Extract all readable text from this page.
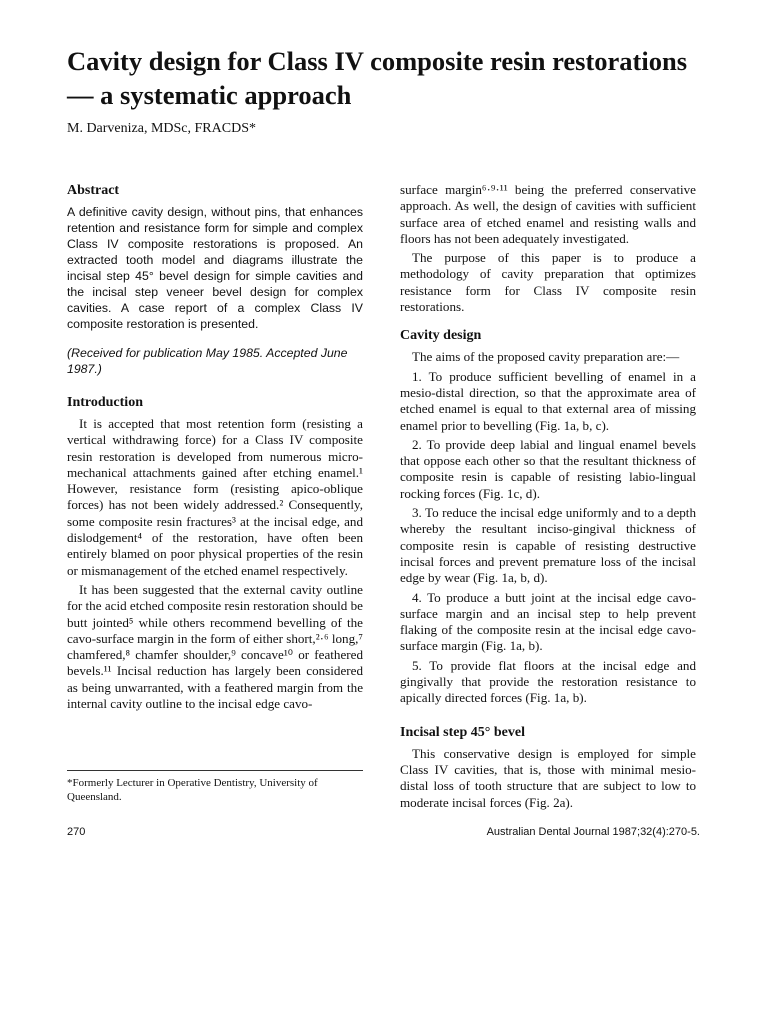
Cavity design for Class IV composite resin restorations — a systematic approach

M. Darveniza, MDSc, FRACDS*

Abstract

A definitive cavity design, without pins, that enhances retention and resistance form for simple and complex Class IV composite restorations is proposed. An extracted tooth model and diagrams illustrate the incisal step 45° bevel design for simple cavities and the incisal step veneer bevel design for complex cavities. A case report of a complex Class IV composite restoration is presented.

(Received for publication May 1985. Accepted June 1987.)

Introduction

It is accepted that most retention form (resisting a vertical withdrawing force) for a Class IV composite resin restoration is developed from numerous micro-mechanical attachments gained after etching enamel.¹ However, resistance form (resisting apico-oblique forces) has not been widely addressed.² Consequently, some composite resin fractures³ at the incisal edge, and dislodgement⁴ of the restoration, have often been entirely blamed on poor physical properties of the resin or mismanagement of the etched enamel respectively.

It has been suggested that the external cavity outline for the acid etched composite resin restoration should be butt jointed⁵ while others recommend bevelling of the cavo-surface margin in the form of either short,²·⁶ long,⁷ chamfered,⁸ chamfer shoulder,⁹ concave¹⁰ or feathered bevels.¹¹ Incisal reduction has largely been considered as being unwarranted, with a feathered margin from the internal cavity outline to the incisal edge cavo-

surface margin⁶·⁹·¹¹ being the preferred conservative approach. As well, the design of cavities with sufficient surface area of etched enamel and resisting walls and floors has not been adequately investigated.

The purpose of this paper is to produce a methodology of cavity preparation that optimizes resistance form for Class IV composite resin restorations.

Cavity design

The aims of the proposed cavity preparation are:—

1. To produce sufficient bevelling of enamel in a mesio-distal direction, so that the approximate area of etched enamel is equal to that external area of missing enamel prior to bevelling (Fig. 1a, b, c).

2. To provide deep labial and lingual enamel bevels that oppose each other so that the resultant thickness of composite resin is capable of resisting labio-lingual rocking forces (Fig. 1c, d).

3. To reduce the incisal edge uniformly and to a depth whereby the resultant inciso-gingival thickness of composite resin is capable of resisting destructive incisal forces and prevent premature loss of the incisal edge by wear (Fig. 1a, b, d).

4. To produce a butt joint at the incisal edge cavo-surface margin and an incisal step to help prevent flaking of the composite resin at the incisal edge cavo-surface margin (Fig. 1a, b).

5. To provide flat floors at the incisal edge and gingivally that provide the restoration resistance to apically directed forces (Fig. 1a, b).

Incisal step 45° bevel

This conservative design is employed for simple Class IV cavities, that is, those with minimal mesio-distal loss of tooth structure that are subject to low to moderate incisal forces (Fig. 2a).

*Formerly Lecturer in Operative Dentistry, University of Queensland.

270	Australian Dental Journal 1987;32(4):270-5.
